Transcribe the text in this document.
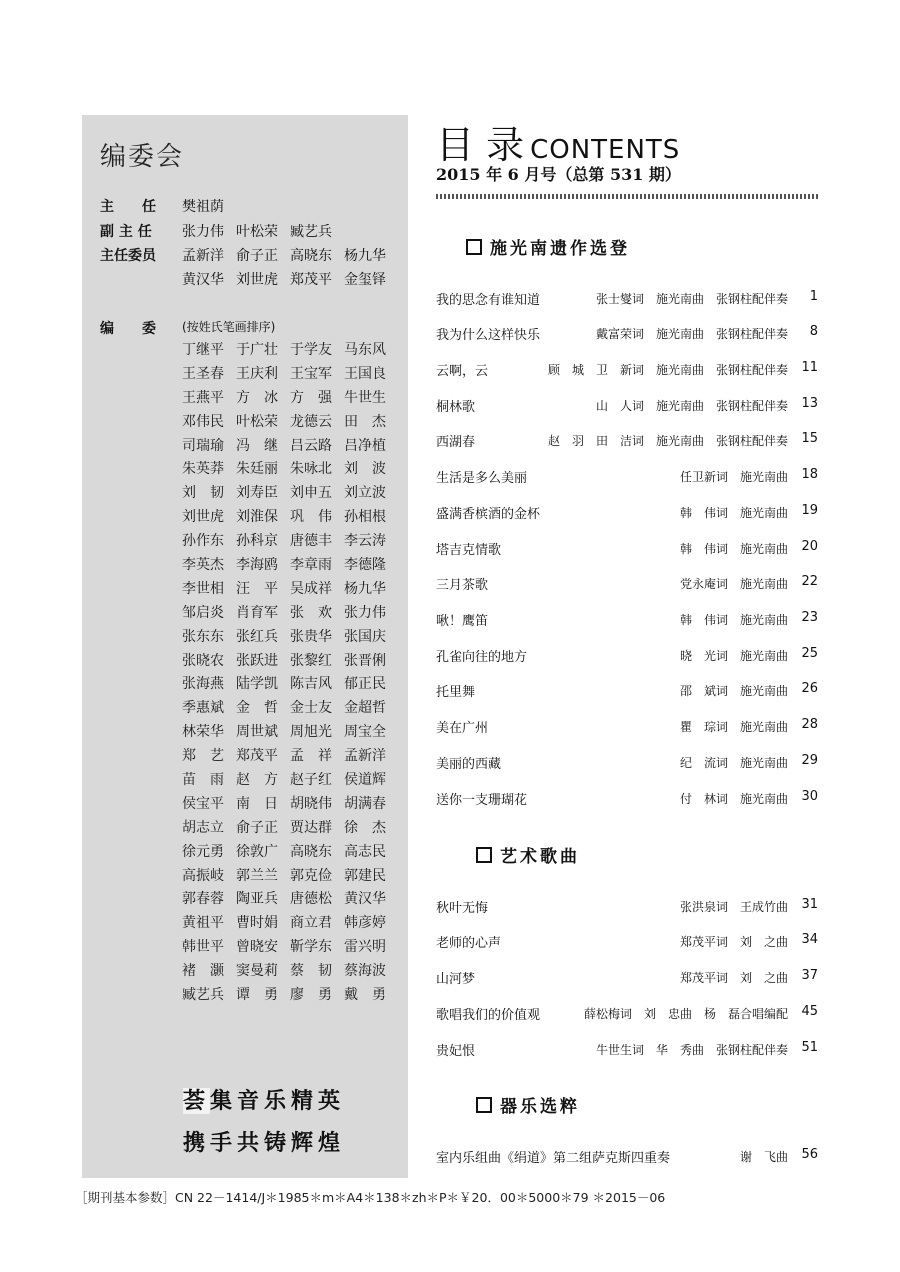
编委会
主　　任 樊祖荫
副 主 任 张力伟 叶松荣 臧艺兵
主任委员 孟新洋 俞子正 高晓东 杨九华
黄汉华 刘世虎 郑茂平 金玺铎
编　　委 (按姓氏笔画排序)
丁继平 于广壮 于学友 马东风
王圣春 王庆利 王宝军 王国良
王燕平 方　冰 方　强 牛世生
邓伟民 叶松荣 龙德云 田　杰
司瑞瑜 冯　继 吕云路 吕净植
朱英莽 朱廷丽 朱咏北 刘　波
刘　韧 刘寿臣 刘申五 刘立波
刘世虎 刘淮保 巩　伟 孙相根
孙作东 孙科京 唐德丰 李云涛
李英杰 李海鸥 李章雨 李德隆
李世相 汪　平 吴成祥 杨九华
邹启炎 肖育军 张　欢 张力伟
张东东 张红兵 张贵华 张国庆
张晓农 张跃进 张黎红 张晋俐
张海燕 陆学凯 陈吉风 郁正民
季惠斌 金　哲 金士友 金超哲
林荣华 周世斌 周旭光 周宝全
郑　艺 郑茂平 孟　祥 孟新洋
苗　雨 赵　方 赵子红 侯道辉
侯宝平 南　日 胡晓伟 胡满春
胡志立 俞子正 贾达群 徐　杰
徐元勇 徐敦广 高晓东 高志民
高振岐 郭兰兰 郭克俭 郭建民
郭春蓉 陶亚兵 唐德松 黄汉华
黄祖平 曹时娟 商立君 韩彦婷
韩世平 曾晓安 靳学东 雷兴明
褚　灏 窦曼莉 蔡　韧 蔡海波
臧艺兵 谭　勇 廖　勇 戴　勇
荟集音乐精英
携手共铸辉煌
目 录 CONTENTS
2015 年 6 月号（总第 531 期）
施光南遗作选登
我的思念有谁知道	张士燮词　施光南曲　张钢柱配伴奏 1
我为什么这样快乐	戴富荣词　施光南曲　张钢柱配伴奏 8
云啊，云	顾　城　卫　新词　施光南曲　张钢柱配伴奏 11
桐林歌	山　人词　施光南曲　张钢柱配伴奏 13
西湖春	赵　羽　田　洁词　施光南曲　张钢柱配伴奏 15
生活是多么美丽	任卫新词　施光南曲 18
盛满香槟酒的金杯	韩　伟词　施光南曲 19
塔吉克情歌	韩　伟词　施光南曲 20
三月茶歌	党永庵词　施光南曲 22
啾！鹰笛	韩　伟词　施光南曲 23
孔雀向往的地方	晓　光词　施光南曲 25
托里舞	邵　斌词　施光南曲 26
美在广州	瞿　琮词　施光南曲 28
美丽的西藏	纪　流词　施光南曲 29
送你一支珊瑚花	付　林词　施光南曲 30
艺术歌曲
秋叶无悔	张洪泉词　王成竹曲 31
老师的心声	郑茂平词　刘　之曲 34
山河梦	郑茂平词　刘　之曲 37
歌唱我们的价值观	薛松梅词　刘　忠曲　杨　磊合唱编配 45
贵妃恨	牛世生词　华　秀曲　张钢柱配伴奏 51
器乐选粹
室内乐组曲《绢道》第二组萨克斯四重奏	谢　飞曲 56
［期刊基本参数］CN 22－1414/J＊1985＊m＊A4＊138＊zh＊P＊￥20．00＊5000＊79 ＊2015－06
